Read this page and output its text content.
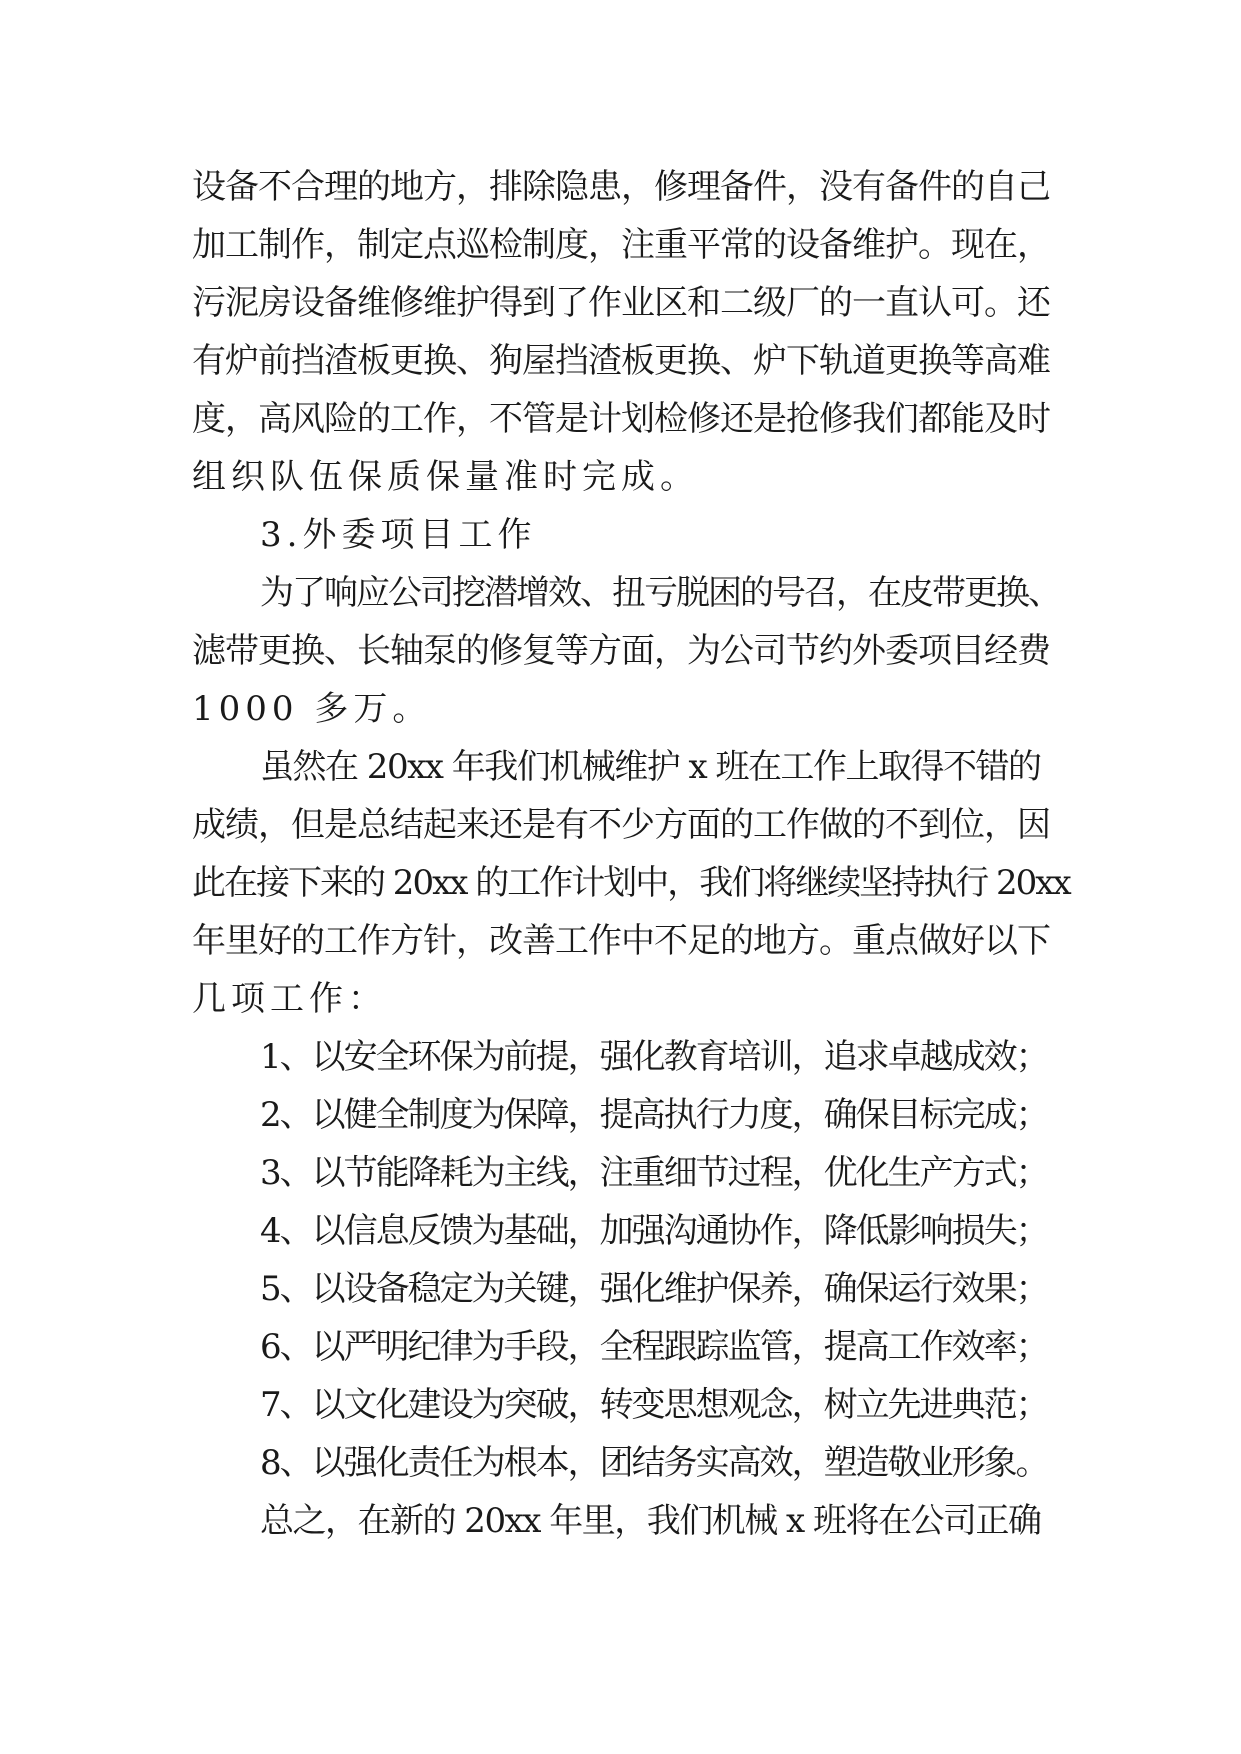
设备不合理的地方，排除隐患，修理备件，没有备件的自己
加工制作，制定点巡检制度，注重平常的设备维护。现在，
污泥房设备维修维护得到了作业区和二级厂的一直认可。还
有炉前挡渣板更换、狗屋挡渣板更换、炉下轨道更换等高难
度，高风险的工作，不管是计划检修还是抢修我们都能及时
组织队伍保质保量准时完成。
3.外委项目工作
为了响应公司挖潜增效、扭亏脱困的号召，在皮带更换、
滤带更换、长轴泵的修复等方面，为公司节约外委项目经费
1000 多万。
虽然在 20xx 年我们机械维护 x 班在工作上取得不错的
成绩，但是总结起来还是有不少方面的工作做的不到位，因
此在接下来的 20xx 的工作计划中，我们将继续坚持执行 20xx
年里好的工作方针，改善工作中不足的地方。重点做好以下
几项工作：
1、以安全环保为前提，强化教育培训，追求卓越成效；
2、以健全制度为保障，提高执行力度，确保目标完成；
3、以节能降耗为主线，注重细节过程，优化生产方式；
4、以信息反馈为基础，加强沟通协作，降低影响损失；
5、以设备稳定为关键，强化维护保养，确保运行效果；
6、以严明纪律为手段，全程跟踪监管，提高工作效率；
7、以文化建设为突破，转变思想观念，树立先进典范；
8、以强化责任为根本，团结务实高效，塑造敬业形象。
总之，在新的 20xx 年里，我们机械 x 班将在公司正确
